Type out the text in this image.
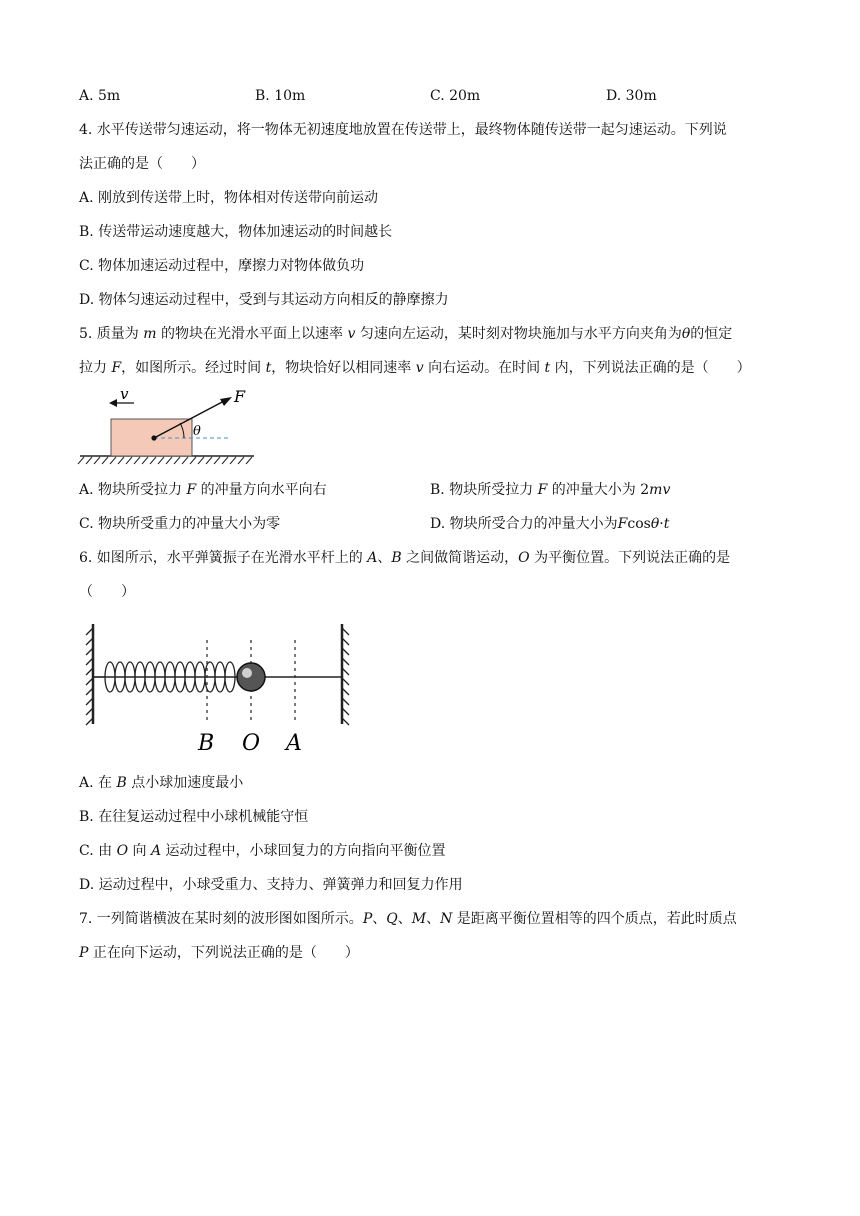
A. 5m	B. 10m	C. 20m	D. 30m
4. 水平传送带匀速运动，将一物体无初速度地放置在传送带上，最终物体随传送带一起匀速运动。下列说
法正确的是（　　）
A. 刚放到传送带上时，物体相对传送带向前运动
B. 传送带运动速度越大，物体加速运动的时间越长
C. 物体加速运动过程中，摩擦力对物体做负功
D. 物体匀速运动过程中，受到与其运动方向相反的静摩擦力
5. 质量为 m 的物块在光滑水平面上以速率 v 匀速向左运动，某时刻对物块施加与水平方向夹角为θ的恒定
拉力 F，如图所示。经过时间 t，物块恰好以相同速率 v 向右运动。在时间 t 内，下列说法正确的是（　　）
v	F
θ
A. 物块所受拉力 F 的冲量方向水平向右	B. 物块所受拉力 F 的冲量大小为 2mv
C. 物块所受重力的冲量大小为零	D. 物块所受合力的冲量大小为Fcosθ·t
6. 如图所示，水平弹簧振子在光滑水平杆上的 A、B 之间做简谐运动，O 为平衡位置。下列说法正确的是
（　　）
B O A
A. 在 B 点小球加速度最小
B. 在往复运动过程中小球机械能守恒
C. 由 O 向 A 运动过程中，小球回复力的方向指向平衡位置
D. 运动过程中，小球受重力、支持力、弹簧弹力和回复力作用
7. 一列简谐横波在某时刻的波形图如图所示。P、Q、M、N 是距离平衡位置相等的四个质点，若此时质点
P 正在向下运动，下列说法正确的是（　　）
